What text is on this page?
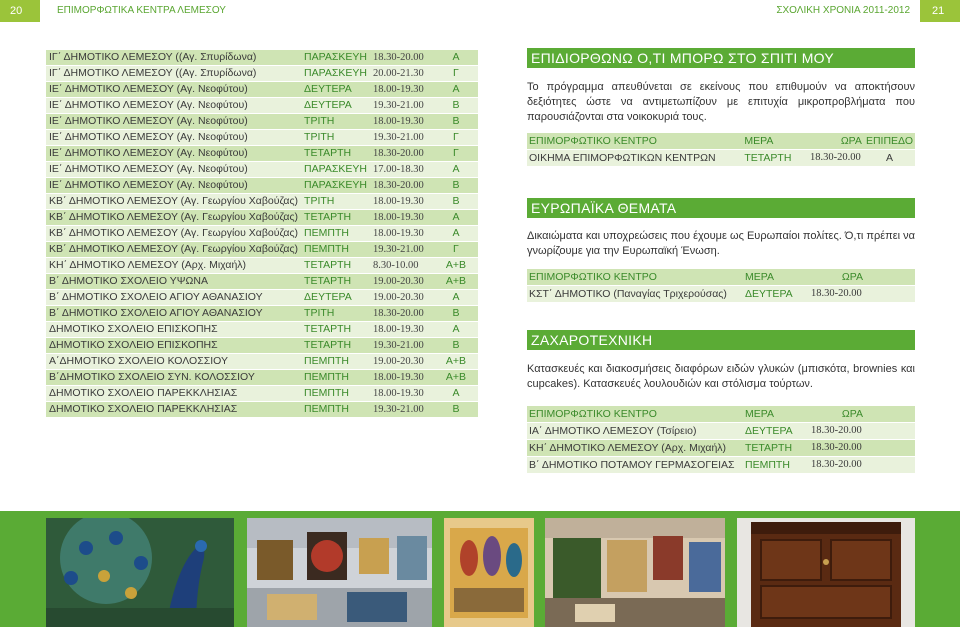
20	ΕΠΙΜΟΡΦΩΤΙΚΑ ΚΕΝΤΡΑ ΛΕΜΕΣΟΥ	ΣΧΟΛΙΚΗ ΧΡΟΝΙΑ 2011-2012	21
ΙΓ΄ ΔΗΜΟΤΙΚΟ ΛΕΜΕΣΟΥ ((Αγ. Σπυρίδωνα)	ΠΑΡΑΣΚΕΥΗ	18.30-20.00	Α
ΙΓ΄ ΔΗΜΟΤΙΚΟ ΛΕΜΕΣΟΥ ((Αγ. Σπυρίδωνα)	ΠΑΡΑΣΚΕΥΗ	20.00-21.30	Γ
ΙΕ΄ ΔΗΜΟΤΙΚΟ ΛΕΜΕΣΟΥ (Αγ. Νεοφύτου)	ΔΕΥΤΕΡΑ	18.00-19.30	Α
ΙΕ΄ ΔΗΜΟΤΙΚΟ ΛΕΜΕΣΟΥ (Αγ. Νεοφύτου)	ΔΕΥΤΕΡΑ	19.30-21.00	Β
ΙΕ΄ ΔΗΜΟΤΙΚΟ ΛΕΜΕΣΟΥ (Αγ. Νεοφύτου)	ΤΡΙΤΗ	18.00-19.30	Β
ΙΕ΄ ΔΗΜΟΤΙΚΟ ΛΕΜΕΣΟΥ (Αγ. Νεοφύτου)	ΤΡΙΤΗ	19.30-21.00	Γ
ΙΕ΄ ΔΗΜΟΤΙΚΟ ΛΕΜΕΣΟΥ (Αγ. Νεοφύτου)	ΤΕΤΑΡΤΗ	18.30-20.00	Γ
ΙΕ΄ ΔΗΜΟΤΙΚΟ ΛΕΜΕΣΟΥ (Αγ. Νεοφύτου)	ΠΑΡΑΣΚΕΥΗ	17.00-18.30	Α
ΙΕ΄ ΔΗΜΟΤΙΚΟ ΛΕΜΕΣΟΥ (Αγ. Νεοφύτου)	ΠΑΡΑΣΚΕΥΗ	18.30-20.00	Β
ΚΒ΄ ΔΗΜΟΤΙΚΟ ΛΕΜΕΣΟΥ (Αγ. Γεωργίου Χαβούζας)	ΤΡΙΤΗ	18.00-19.30	Β
ΚΒ΄ ΔΗΜΟΤΙΚΟ ΛΕΜΕΣΟΥ (Αγ. Γεωργίου Χαβούζας)	ΤΕΤΑΡΤΗ	18.00-19.30	Α
ΚΒ΄ ΔΗΜΟΤΙΚΟ ΛΕΜΕΣΟΥ (Αγ. Γεωργίου Χαβούζας)	ΠΕΜΠΤΗ	18.00-19.30	Α
ΚΒ΄ ΔΗΜΟΤΙΚΟ ΛΕΜΕΣΟΥ (Αγ. Γεωργίου Χαβούζας)	ΠΕΜΠΤΗ	19.30-21.00	Γ
ΚΗ΄ ΔΗΜΟΤΙΚΟ ΛΕΜΕΣΟΥ (Αρχ. Μιχαήλ)	ΤΕΤΑΡΤΗ	8.30-10.00	Α+Β
Β΄ ΔΗΜΟΤΙΚΟ ΣΧΟΛΕΙΟ ΥΨΩΝΑ	ΤΕΤΑΡΤΗ	19.00-20.30	Α+Β
Β΄ ΔΗΜΟΤΙΚΟ ΣΧΟΛΕΙΟ ΑΓΙΟΥ ΑΘΑΝΑΣΙΟΥ	ΔΕΥΤΕΡΑ	19.00-20.30	Α
Β΄ ΔΗΜΟΤΙΚΟ ΣΧΟΛΕΙΟ ΑΓΙΟΥ ΑΘΑΝΑΣΙΟΥ	ΤΡΙΤΗ	18.30-20.00	Β
ΔΗΜΟΤΙΚΟ ΣΧΟΛΕΙΟ ΕΠΙΣΚΟΠΗΣ	ΤΕΤΑΡΤΗ	18.00-19.30	Α
ΔΗΜΟΤΙΚΟ ΣΧΟΛΕΙΟ ΕΠΙΣΚΟΠΗΣ	ΤΕΤΑΡΤΗ	19.30-21.00	Β
Α΄ΔΗΜΟΤΙΚΟ ΣΧΟΛΕΙΟ ΚΟΛΟΣΣΙΟΥ	ΠΕΜΠΤΗ	19.00-20.30	Α+Β
Β΄ΔΗΜΟΤΙΚΟ ΣΧΟΛΕΙΟ ΣΥΝ. ΚΟΛΟΣΣΙΟΥ	ΠΕΜΠΤΗ	18.00-19.30	Α+Β
ΔΗΜΟΤΙΚΟ ΣΧΟΛΕΙΟ ΠΑΡΕΚΚΛΗΣΙΑΣ	ΠΕΜΠΤΗ	18.00-19.30	Α
ΔΗΜΟΤΙΚΟ ΣΧΟΛΕΙΟ ΠΑΡΕΚΚΛΗΣΙΑΣ	ΠΕΜΠΤΗ	19.30-21.00	Β
ΕΠΙΔΙΟΡΘΩΝΩ Ο,ΤΙ ΜΠΟΡΩ ΣΤΟ ΣΠΙΤΙ ΜΟΥ
Το πρόγραμμα απευθύνεται σε εκείνους που επιθυμούν να αποκτήσουν δεξιότητες ώστε να αντιμετωπίζουν με επιτυχία μικροπροβλήματα που παρουσιάζονται στα νοικοκυριά τους.
ΕΠΙΜΟΡΦΩΤΙΚΟ ΚΕΝΤΡΟ	ΜΕΡΑ	ΩΡΑ	ΕΠΙΠΕΔΟ
ΟΙΚΗΜΑ ΕΠΙΜΟΡΦΩΤΙΚΩΝ ΚΕΝΤΡΩΝ	ΤΕΤΑΡΤΗ	18.30-20.00	Α
ΕΥΡΩΠΑΪΚΑ ΘΕΜΑΤΑ
Δικαιώματα και υποχρεώσεις που έχουμε ως Ευρωπαίοι πολίτες. Ό,τι πρέπει να γνωρίζουμε για την Ευρωπαϊκή Ένωση.
ΕΠΙΜΟΡΦΩΤΙΚΟ ΚΕΝΤΡΟ	ΜΕΡΑ	ΩΡΑ	
ΚΣΤ΄ ΔΗΜΟΤΙΚΟ (Παναγίας Τριχερούσας)	ΔΕΥΤΕΡΑ	18.30-20.00	
ΖΑΧΑΡΟΤΕΧΝΙΚΗ
Κατασκευές και διακοσμήσεις διαφόρων ειδών γλυκών (μπισκότα, brownies και cupcakes). Κατασκευές λουλουδιών και στόλισμα τούρτων.
ΕΠΙΜΟΡΦΩΤΙΚΟ ΚΕΝΤΡΟ	ΜΕΡΑ	ΩΡΑ	
ΙΑ΄ ΔΗΜΟΤΙΚΟ ΛΕΜΕΣΟΥ (Τσίρειο)	ΔΕΥΤΕΡΑ	18.30-20.00	
ΚΗ΄ ΔΗΜΟΤΙΚΟ ΛΕΜΕΣΟΥ (Αρχ. Μιχαήλ)	ΤΕΤΑΡΤΗ	18.30-20.00	
Β΄ ΔΗΜΟΤΙΚΟ ΠΟΤΑΜΟΥ ΓΕΡΜΑΣΟΓΕΙΑΣ	ΠΕΜΠΤΗ	18.30-20.00	
